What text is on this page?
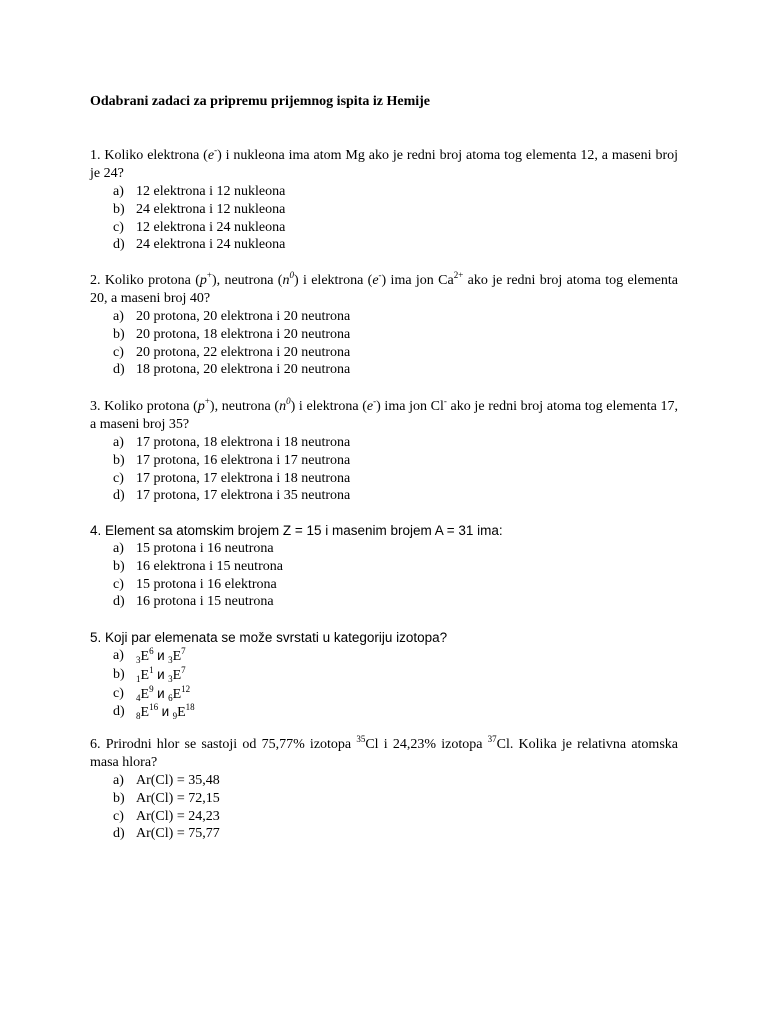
Odabrani zadaci za pripremu prijemnog ispita iz Hemije
1. Koliko elektrona (e-) i nukleona ima atom Mg ako je redni broj atoma tog elementa 12, a maseni broj je 24?
a) 12 elektrona i 12 nukleona
b) 24 elektrona i 12 nukleona
c) 12 elektrona i 24 nukleona
d) 24 elektrona i 24 nukleona
2. Koliko protona (p+), neutrona $(n^0)$ i elektrona (e-) ima jon $Ca^{2+}$ ako je redni broj atoma tog elementa 20, a maseni broj 40?
a) 20 protona, 20 elektrona i 20 neutrona
b) 20 protona, 18 elektrona i 20 neutrona
c) 20 protona, 22 elektrona i 20 neutrona
d) 18 protona, 20 elektrona i 20 neutrona
3. Koliko protona (p+), neutrona $(n^0)$ i elektrona (e-) ima jon Cl- ako je redni broj atoma tog elementa 17, a maseni broj 35?
a) 17 protona, 18 elektrona i 18 neutrona
b) 17 protona, 16 elektrona i 17 neutrona
c) 17 protona, 17 elektrona i 18 neutrona
d) 17 protona, 17 elektrona i 35 neutrona
4. Element sa atomskim brojem Z = 15 i masenim brojem A = 31 ima:
a) 15 protona i 16 neutrona
b) 16 elektrona i 15 neutrona
c) 15 protona i 16 elektrona
d) 16 protona i 15 neutrona
5. Koji par elemenata se može svrstati u kategoriju izotopa?
a) $_3E^6$ и $_3E^7$
b) $_1E^1$ и $_3E^7$
c) $_4E^9$ и $_6E^{12}$
d) $_8E^{16}$ и $_9E^{18}$
6. Prirodni hlor se sastoji od 75,77% izotopa $^{35}$Cl i 24,23% izotopa $^{37}$Cl. Kolika je relativna atomska masa hlora?
a) Ar(Cl) = 35,48
b) Ar(Cl) = 72,15
c) Ar(Cl) = 24,23
d) Ar(Cl) = 75,77
